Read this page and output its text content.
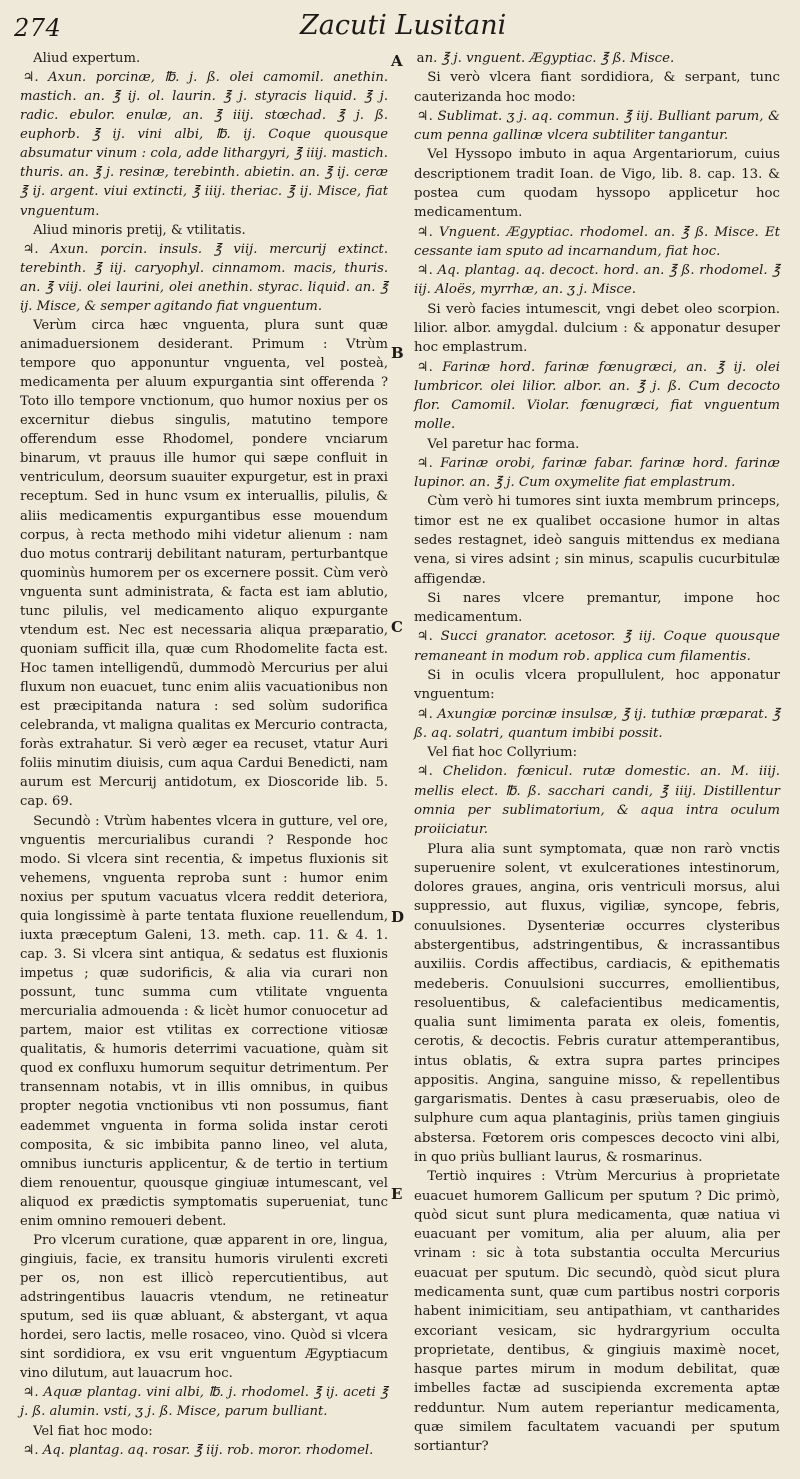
274	Zacuti Lusitani

Aliud expertum.

♃. Axun. porcinæ, ℔. j. ß. olei camomil. anethin. mastich. an. ℥ ij. ol. laurin. ℥ j. styracis liquid. ℥ j. radic. ebulor. enulæ, an. ℥ iiij. stœchad. ℥ j. ß. euphorb. ℥ ij. vini albi, ℔. ij. Coque quousque absumatur vinum : cola, adde lithargyri, ℥ iiij. mastich. thuris. an. ℥ j. resinæ, terebinth. abietin. an. ℥ ij. ceræ ℥ ij. argent. viui extincti, ℥ iiij. theriac. ℥ ij. Misce, fiat vnguentum.

Aliud minoris pretij, & vtilitatis.

♃. Axun. porcin. insuls. ℥ viij. mercurij extinct. terebinth. ℥ iij. caryophyl. cinnamom. macis, thuris. an. ℥ viij. olei laurini, olei anethin. styrac. liquid. an. ℥ ij. Misce, & semper agitando fiat vnguentum.

Verùm circa hæc vnguenta, plura sunt quæ animaduersionem desiderant. Primum : Vtrùm tempore quo apponuntur vnguenta, vel posteà, medicamenta per aluum expurgantia sint offerenda ? Toto illo tempore vnctionum, quo humor noxius per os excernitur diebus singulis, matutino tempore offerendum esse Rhodomel, pondere vnciarum binarum, vt prauus ille humor qui sæpe confluit in ventriculum, deorsum suauiter expurgetur, est in praxi receptum. Sed in hunc vsum ex interuallis, pilulis, & aliis medicamentis expurgantibus esse mouendum corpus, à recta methodo mihi videtur alienum : nam duo motus contrarij debilitant naturam, perturbantque quominùs humorem per os excernere possit. Cùm verò vnguenta sunt administrata, & facta est iam ablutio, tunc pilulis, vel medicamento aliquo expurgante vtendum est. Nec est necessaria aliqua præparatio, quoniam sufficit illa, quæ cum Rhodomelite facta est. Hoc tamen intelligendũ, dummodò Mercurius per alui fluxum non euacuet, tunc enim aliis vacuationibus non est præcipitanda natura : sed solùm sudorifica celebranda, vt maligna qualitas ex Mercurio contracta, foràs extrahatur. Si verò æger ea recuset, vtatur Auri foliis minutim diuisis, cum aqua Cardui Benedicti, nam aurum est Mercurij antidotum, ex Dioscoride lib. 5. cap. 69.

Secundò : Vtrùm habentes vlcera in gutture, vel ore, vnguentis mercurialibus curandi ? Responde hoc modo. Si vlcera sint recentia, & impetus fluxionis sit vehemens, vnguenta reproba sunt : humor enim noxius per sputum vacuatus vlcera reddit deteriora, quia longissimè à parte tentata fluxione reuellendum, iuxta præceptum Galeni, 13. meth. cap. 11. & 4. 1. cap. 3. Si vlcera sint antiqua, & sedatus est fluxionis impetus ; quæ sudorificis, & alia via curari non possunt, tunc summa cum vtilitate vnguenta mercurialia admouenda : & licèt humor conuocetur ad partem, maior est vtilitas ex correctione vitiosæ qualitatis, & humoris deterrimi vacuatione, quàm sit quod ex confluxu humorum sequitur detrimentum. Per transennam notabis, vt in illis omnibus, in quibus propter negotia vnctionibus vti non possumus, fiant eademmet vnguenta in forma solida instar ceroti composita, & sic imbibita panno lineo, vel aluta, omnibus iuncturis applicentur, & de tertio in tertium diem renouentur, quousque gingiuæ intumescant, vel aliquod ex prædictis symptomatis superueniat, tunc enim omnino remoueri debent.

Pro vlcerum curatione, quæ apparent in ore, lingua, gingiuis, facie, ex transitu humoris virulenti excreti per os, non est illicò repercutientibus, aut adstringentibus lauacris vtendum, ne retineatur sputum, sed iis quæ abluant, & abstergant, vt aqua hordei, sero lactis, melle rosaceo, vino. Quòd si vlcera sint sordidiora, ex vsu erit vnguentum Ægyptiacum vino dilutum, aut lauacrum hoc.

♃. Aquæ plantag. vini albi, ℔. j. rhodomel. ℥ ij. aceti ℥ j. ß. alumin. vsti, ʒ j. ß. Misce, parum bulliant.

Vel fiat hoc modo:

♃. Aq. plantag. aq. rosar. ℥ iij. rob. moror. rhodomel.

A
B
C
D
E

an. ℥ j. vnguent. Ægyptiac. ℥ ß. Misce.

Si verò vlcera fiant sordidiora, & serpant, tunc cauterizanda hoc modo:

♃. Sublimat. ʒ j. aq. commun. ℥ iij. Bulliant parum, & cum penna gallinæ vlcera subtiliter tangantur.

Vel Hyssopo imbuto in aqua Argentariorum, cuius descriptionem tradit Ioan. de Vigo, lib. 8. cap. 13. & postea cum quodam hyssopo applicetur hoc medicamentum.

♃. Vnguent. Ægyptiac. rhodomel. an. ℥ ß. Misce. Et cessante iam sputo ad incarnandum, fiat hoc.

♃. Aq. plantag. aq. decoct. hord. an. ℥ ß. rhodomel. ℥ iij. Aloës, myrrhæ, an. ʒ j. Misce.

Si verò facies intumescit, vngi debet oleo scorpion. lilior. albor. amygdal. dulcium : & apponatur desuper hoc emplastrum.

♃. Farinæ hord. farinæ fœnugræci, an. ℥ ij. olei lumbricor. olei lilior. albor. an. ℥ j. ß. Cum decocto flor. Camomil. Violar. fœnugræci, fiat vnguentum molle.

Vel paretur hac forma.

♃. Farinæ orobi, farinæ fabar. farinæ hord. farinæ lupinor. an. ℥ j. Cum oxymelite fiat emplastrum.

Cùm verò hi tumores sint iuxta membrum princeps, timor est ne ex qualibet occasione humor in altas sedes restagnet, ideò sanguis mittendus ex mediana vena, si vires adsint ; sin minus, scapulis cucurbitulæ affigendæ.

Si nares vlcere premantur, impone hoc medicamentum.

♃. Succi granator. acetosor. ℥ iij. Coque quousque remaneant in modum rob. applica cum filamentis.

Si in oculis vlcera propullulent, hoc apponatur vnguentum:

♃. Axungiæ porcinæ insulsæ, ℥ ij. tuthiæ præparat. ℥ ß. aq. solatri, quantum imbibi possit.

Vel fiat hoc Collyrium:

♃. Chelidon. fœnicul. rutæ domestic. an. M. iiij. mellis elect. ℔. ß. sacchari candi, ℥ iiij. Distillentur omnia per sublimatorium, & aqua intra oculum proiiciatur.

Plura alia sunt symptomata, quæ non rarò vnctis superuenire solent, vt exulcerationes intestinorum, dolores graues, angina, oris ventriculi morsus, alui suppressio, aut fluxus, vigiliæ, syncope, febris, conuulsiones. Dysenteriæ occurres clysteribus abstergentibus, adstringentibus, & incrassantibus auxiliis. Cordis affectibus, cardiacis, & epithematis medeberis. Conuulsioni succurres, emollientibus, resoluentibus, & calefacientibus medicamentis, qualia sunt limimenta parata ex oleis, fomentis, cerotis, & decoctis. Febris curatur attemperantibus, intus oblatis, & extra supra partes principes appositis. Angina, sanguine misso, & repellentibus gargarismatis. Dentes à casu præseruabis, oleo de sulphure cum aqua plantaginis, priùs tamen gingiuis abstersa. Fœtorem oris compesces decocto vini albi, in quo priùs bulliant laurus, & rosmarinus.

Tertiò inquires : Vtrùm Mercurius à proprietate euacuet humorem Gallicum per sputum ? Dic primò, quòd sicut sunt plura medicamenta, quæ natiua vi euacuant per vomitum, alia per aluum, alia per vrinam : sic à tota substantia occulta Mercurius euacuat per sputum. Dic secundò, quòd sicut plura medicamenta sunt, quæ cum partibus nostri corporis habent inimicitiam, seu antipathiam, vt cantharides excoriant vesicam, sic hydrargyrium occulta proprietate, dentibus, & gingiuis maximè nocet, hasque partes mirum in modum debilitat, quæ imbelles factæ ad suscipienda excrementa aptæ redduntur. Num autem reperiantur medicamenta, quæ similem facultatem vacuandi per sputum sortiantur?
